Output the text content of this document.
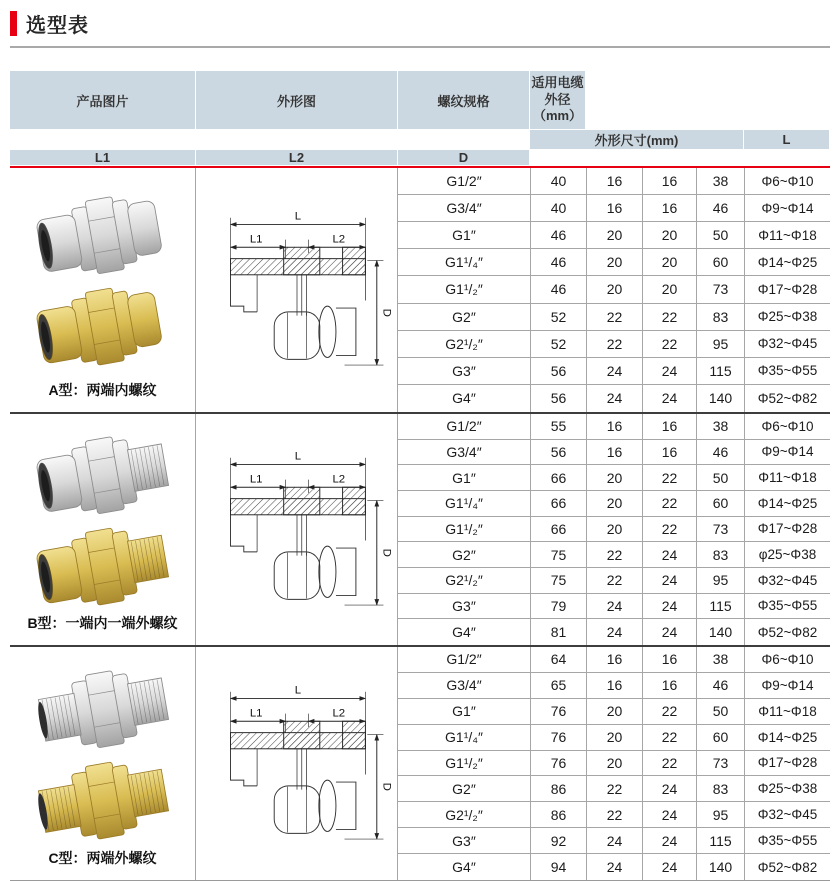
选型表
产品图片	外形图	螺纹规格
外形尺寸(mm)
适用电缆外径
（mm）
L
L1	L2	D
A型：两端内螺纹
L
L1	L2
D
G1/2″	40	16	16	38	Φ6~Φ10
G3/4″	40	16	16	46	Φ9~Φ14
G1″	46	20	20	50	Φ11~Φ18
G1¹/₄″	46	20	20	60	Φ14~Φ25
G1¹/₂″	46	20	20	73	Φ17~Φ28
G2″	52	22	22	83	Φ25~Φ38
G2¹/₂″	52	22	22	95	Φ32~Φ45
G3″	56	24	24	115	Φ35~Φ55
G4″	56	24	24	140	Φ52~Φ82
B型：一端内一端外螺纹
L
L1	L2
D
G1/2″	55	16	16	38	Φ6~Φ10
G3/4″	56	16	16	46	Φ9~Φ14
G1″	66	20	22	50	Φ11~Φ18
G1¹/₄″	66	20	22	60	Φ14~Φ25
G1¹/₂″	66	20	22	73	Φ17~Φ28
G2″	75	22	24	83	φ25~Φ38
G2¹/₂″	75	22	24	95	Φ32~Φ45
G3″	79	24	24	115	Φ35~Φ55
G4″	81	24	24	140	Φ52~Φ82
C型：两端外螺纹
L
L1	L2
D
G1/2″	64	16	16	38	Φ6~Φ10
G3/4″	65	16	16	46	Φ9~Φ14
G1″	76	20	22	50	Φ11~Φ18
G1¹/₄″	76	20	22	60	Φ14~Φ25
G1¹/₂″	76	20	22	73	Φ17~Φ28
G2″	86	22	24	83	Φ25~Φ38
G2¹/₂″	86	22	24	95	Φ32~Φ45
G3″	92	24	24	115	Φ35~Φ55
G4″	94	24	24	140	Φ52~Φ82
